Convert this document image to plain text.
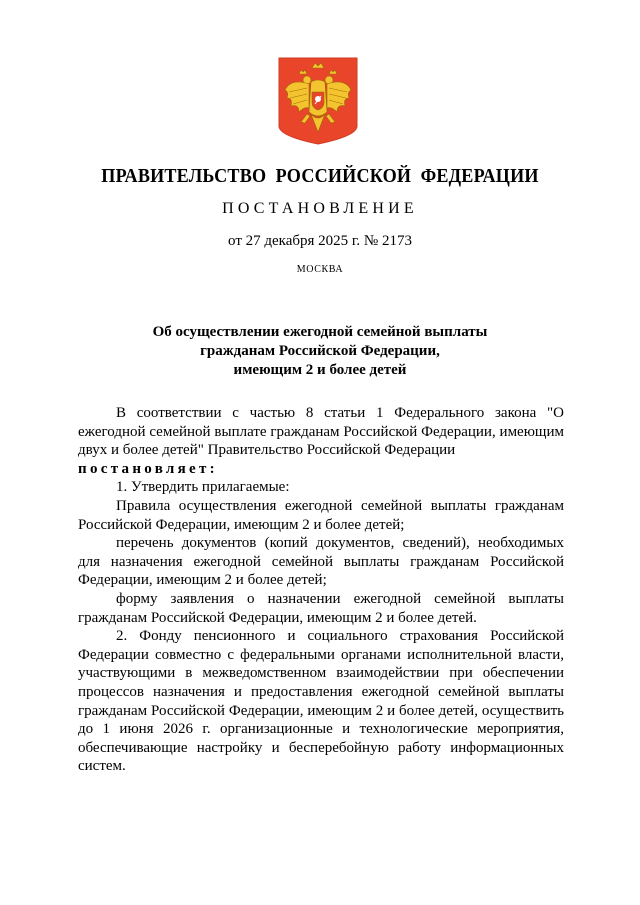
ПРАВИТЕЛЬСТВО РОССИЙСКОЙ ФЕДЕРАЦИИ
ПОСТАНОВЛЕНИЕ
от 27 декабря 2025 г. № 2173
МОСКВА
Об осуществлении ежегодной семейной выплаты
гражданам Российской Федерации,
имеющим 2 и более детей

В соответствии с частью 8 статьи 1 Федерального закона "О ежегодной семейной выплате гражданам Российской Федерации, имеющим двух и более детей" Правительство Российской Федерации

постановляет:

1. Утвердить прилагаемые:

Правила осуществления ежегодной семейной выплаты гражданам Российской Федерации, имеющим 2 и более детей;

перечень документов (копий документов, сведений), необходимых для назначения ежегодной семейной выплаты гражданам Российской Федерации, имеющим 2 и более детей;

форму заявления о назначении ежегодной семейной выплаты гражданам Российской Федерации, имеющим 2 и более детей.

2. Фонду пенсионного и социального страхования Российской Федерации совместно с федеральными органами исполнительной власти, участвующими в межведомственном взаимодействии при обеспечении процессов назначения и предоставления ежегодной семейной выплаты гражданам Российской Федерации, имеющим 2 и более детей, осуществить до 1 июня 2026 г. организационные и технологические мероприятия, обеспечивающие настройку и бесперебойную работу информационных систем.
